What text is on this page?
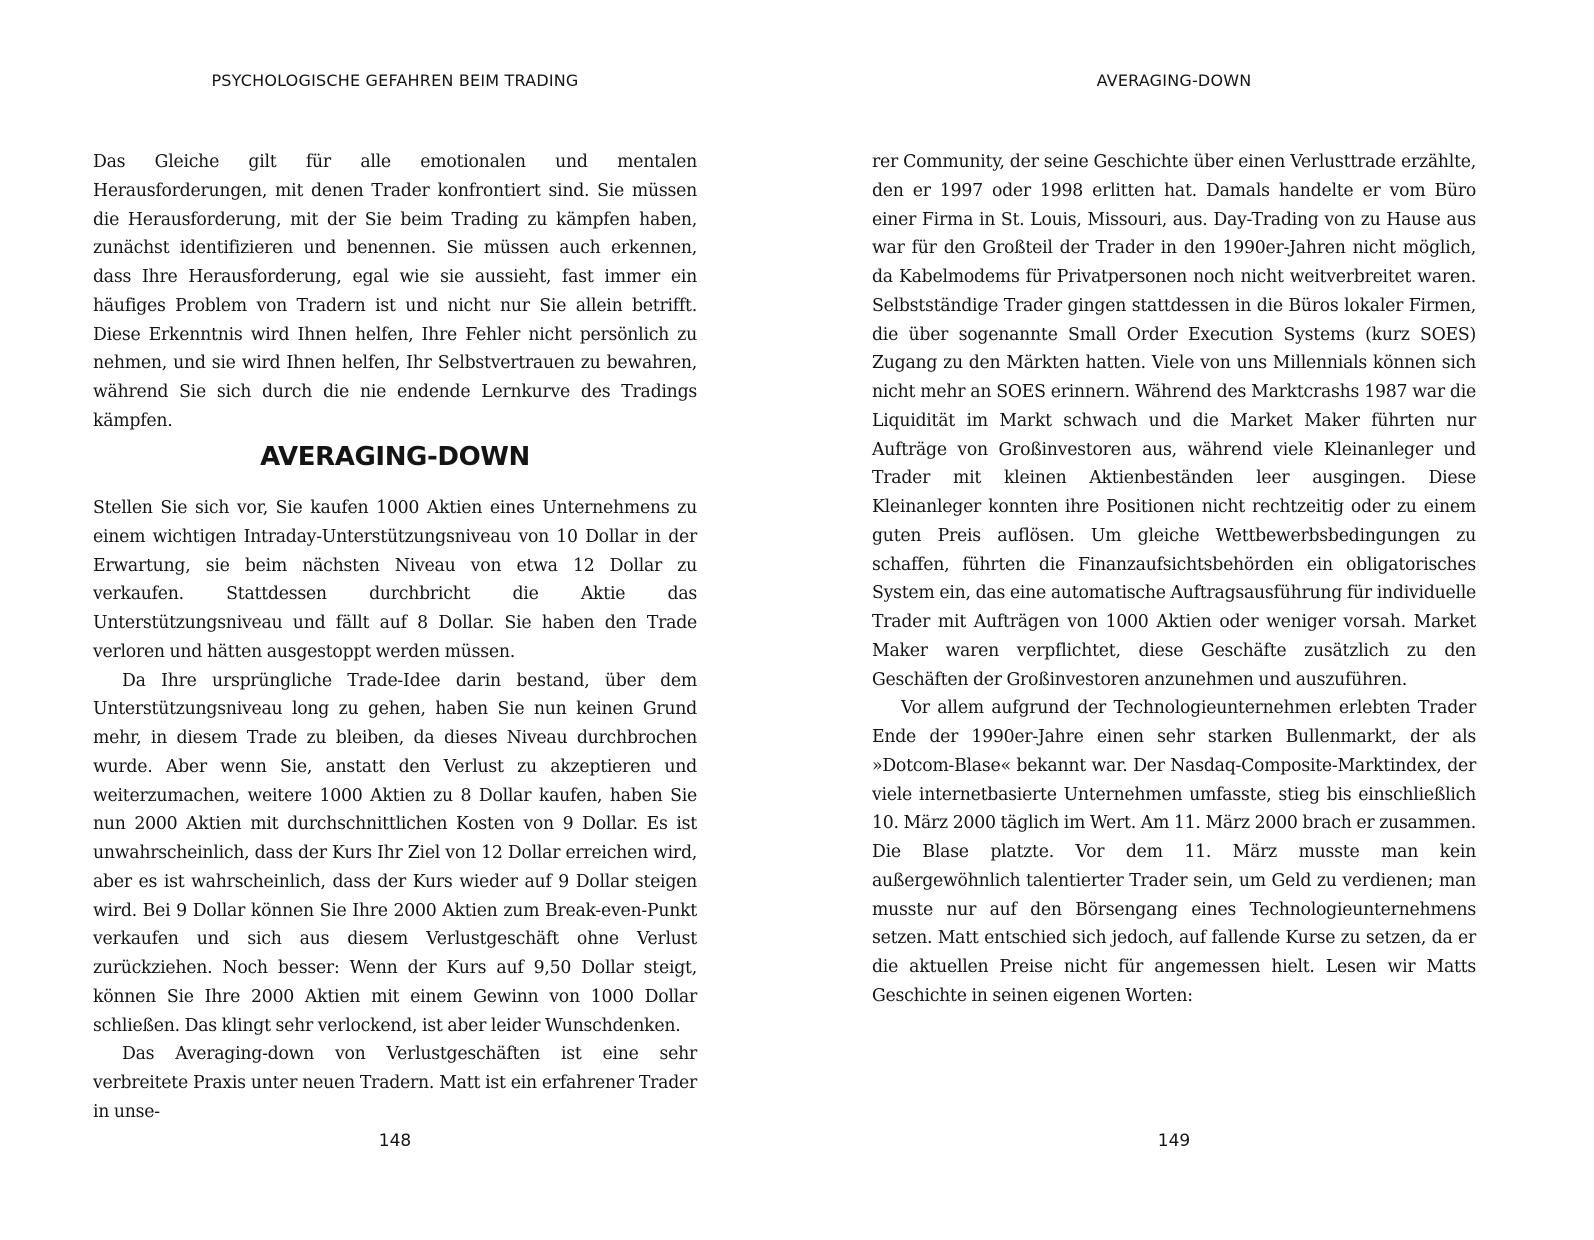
PSYCHOLOGISCHE GEFAHREN BEIM TRADING

Das Gleiche gilt für alle emotionalen und mentalen Herausforderungen, mit denen Trader konfrontiert sind. Sie müssen die Herausforderung, mit der Sie beim Trading zu kämpfen haben, zunächst identifizieren und benennen. Sie müssen auch erkennen, dass Ihre Herausforderung, egal wie sie aussieht, fast immer ein häufiges Problem von Tradern ist und nicht nur Sie allein betrifft. Diese Erkenntnis wird Ihnen helfen, Ihre Fehler nicht persönlich zu nehmen, und sie wird Ihnen helfen, Ihr Selbstvertrauen zu bewahren, während Sie sich durch die nie endende Lernkurve des Tradings kämpfen.

AVERAGING-DOWN

Stellen Sie sich vor, Sie kaufen 1000 Aktien eines Unternehmens zu einem wichtigen Intraday-Unterstützungsniveau von 10 Dollar in der Erwartung, sie beim nächsten Niveau von etwa 12 Dollar zu verkaufen. Stattdessen durchbricht die Aktie das Unterstützungsniveau und fällt auf 8 Dollar. Sie haben den Trade verloren und hätten ausgestoppt werden müssen.

Da Ihre ursprüngliche Trade-Idee darin bestand, über dem Unterstützungsniveau long zu gehen, haben Sie nun keinen Grund mehr, in diesem Trade zu bleiben, da dieses Niveau durchbrochen wurde. Aber wenn Sie, anstatt den Verlust zu akzeptieren und weiterzumachen, weitere 1000 Aktien zu 8 Dollar kaufen, haben Sie nun 2000 Aktien mit durchschnittlichen Kosten von 9 Dollar. Es ist unwahrscheinlich, dass der Kurs Ihr Ziel von 12 Dollar erreichen wird, aber es ist wahrscheinlich, dass der Kurs wieder auf 9 Dollar steigen wird. Bei 9 Dollar können Sie Ihre 2000 Aktien zum Break-even-Punkt verkaufen und sich aus diesem Verlustgeschäft ohne Verlust zurückziehen. Noch besser: Wenn der Kurs auf 9,50 Dollar steigt, können Sie Ihre 2000 Aktien mit einem Gewinn von 1000 Dollar schließen. Das klingt sehr verlockend, ist aber leider Wunschdenken.

Das Averaging-down von Verlustgeschäften ist eine sehr verbreitete Praxis unter neuen Tradern. Matt ist ein erfahrener Trader in unse-

148
AVERAGING-DOWN

rer Community, der seine Geschichte über einen Verlusttrade erzählte, den er 1997 oder 1998 erlitten hat. Damals handelte er vom Büro einer Firma in St. Louis, Missouri, aus. Day-Trading von zu Hause aus war für den Großteil der Trader in den 1990er-Jahren nicht möglich, da Kabelmodems für Privatpersonen noch nicht weitverbreitet waren. Selbstständige Trader gingen stattdessen in die Büros lokaler Firmen, die über sogenannte Small Order Execution Systems (kurz SOES) Zugang zu den Märkten hatten. Viele von uns Millennials können sich nicht mehr an SOES erinnern. Während des Marktcrashs 1987 war die Liquidität im Markt schwach und die Market Maker führten nur Aufträge von Großinvestoren aus, während viele Kleinanleger und Trader mit kleinen Aktienbeständen leer ausgingen. Diese Kleinanleger konnten ihre Positionen nicht rechtzeitig oder zu einem guten Preis auflösen. Um gleiche Wettbewerbsbedingungen zu schaffen, führten die Finanzaufsichtsbehörden ein obligatorisches System ein, das eine automatische Auftragsausführung für individuelle Trader mit Aufträgen von 1000 Aktien oder weniger vorsah. Market Maker waren verpflichtet, diese Geschäfte zusätzlich zu den Geschäften der Großinvestoren anzunehmen und auszuführen.

Vor allem aufgrund der Technologieunternehmen erlebten Trader Ende der 1990er-Jahre einen sehr starken Bullenmarkt, der als »Dotcom-Blase« bekannt war. Der Nasdaq-Composite-Marktindex, der viele internetbasierte Unternehmen umfasste, stieg bis einschließlich 10. März 2000 täglich im Wert. Am 11. März 2000 brach er zusammen. Die Blase platzte. Vor dem 11. März musste man kein außergewöhnlich talentierter Trader sein, um Geld zu verdienen; man musste nur auf den Börsengang eines Technologieunternehmens setzen. Matt entschied sich jedoch, auf fallende Kurse zu setzen, da er die aktuellen Preise nicht für angemessen hielt. Lesen wir Matts Geschichte in seinen eigenen Worten:

149
